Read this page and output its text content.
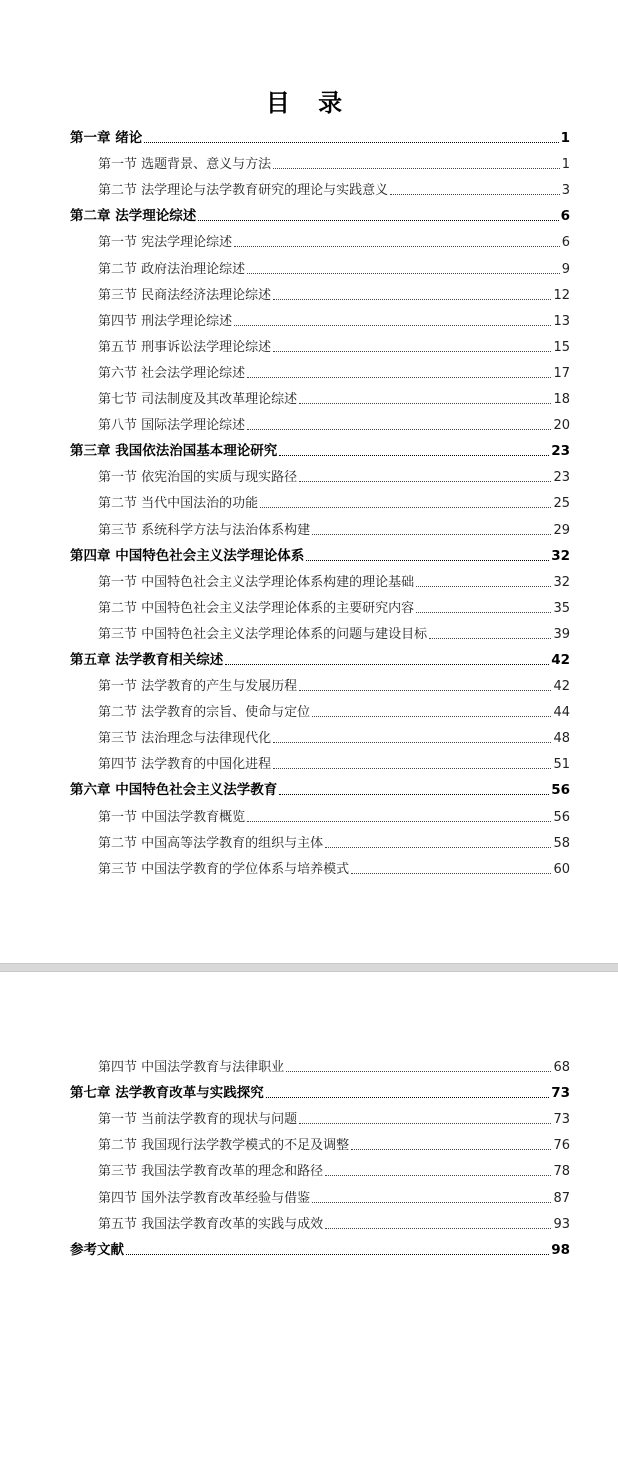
目 录
第一章 绪论	1
第一节 选题背景、意义与方法	1
第二节 法学理论与法学教育研究的理论与实践意义	3
第二章 法学理论综述	6
第一节 宪法学理论综述	6
第二节 政府法治理论综述	9
第三节 民商法经济法理论综述	12
第四节 刑法学理论综述	13
第五节 刑事诉讼法学理论综述	15
第六节 社会法学理论综述	17
第七节 司法制度及其改革理论综述	18
第八节 国际法学理论综述	20
第三章 我国依法治国基本理论研究	23
第一节 依宪治国的实质与现实路径	23
第二节 当代中国法治的功能	25
第三节 系统科学方法与法治体系构建	29
第四章 中国特色社会主义法学理论体系	32
第一节 中国特色社会主义法学理论体系构建的理论基础	32
第二节 中国特色社会主义法学理论体系的主要研究内容	35
第三节 中国特色社会主义法学理论体系的问题与建设目标	39
第五章 法学教育相关综述	42
第一节 法学教育的产生与发展历程	42
第二节 法学教育的宗旨、使命与定位	44
第三节 法治理念与法律现代化	48
第四节 法学教育的中国化进程	51
第六章 中国特色社会主义法学教育	56
第一节 中国法学教育概览	56
第二节 中国高等法学教育的组织与主体	58
第三节 中国法学教育的学位体系与培养模式	60
第四节 中国法学教育与法律职业	68
第七章 法学教育改革与实践探究	73
第一节 当前法学教育的现状与问题	73
第二节 我国现行法学教学模式的不足及调整	76
第三节 我国法学教育改革的理念和路径	78
第四节 国外法学教育改革经验与借鉴	87
第五节 我国法学教育改革的实践与成效	93
参考文献	98
